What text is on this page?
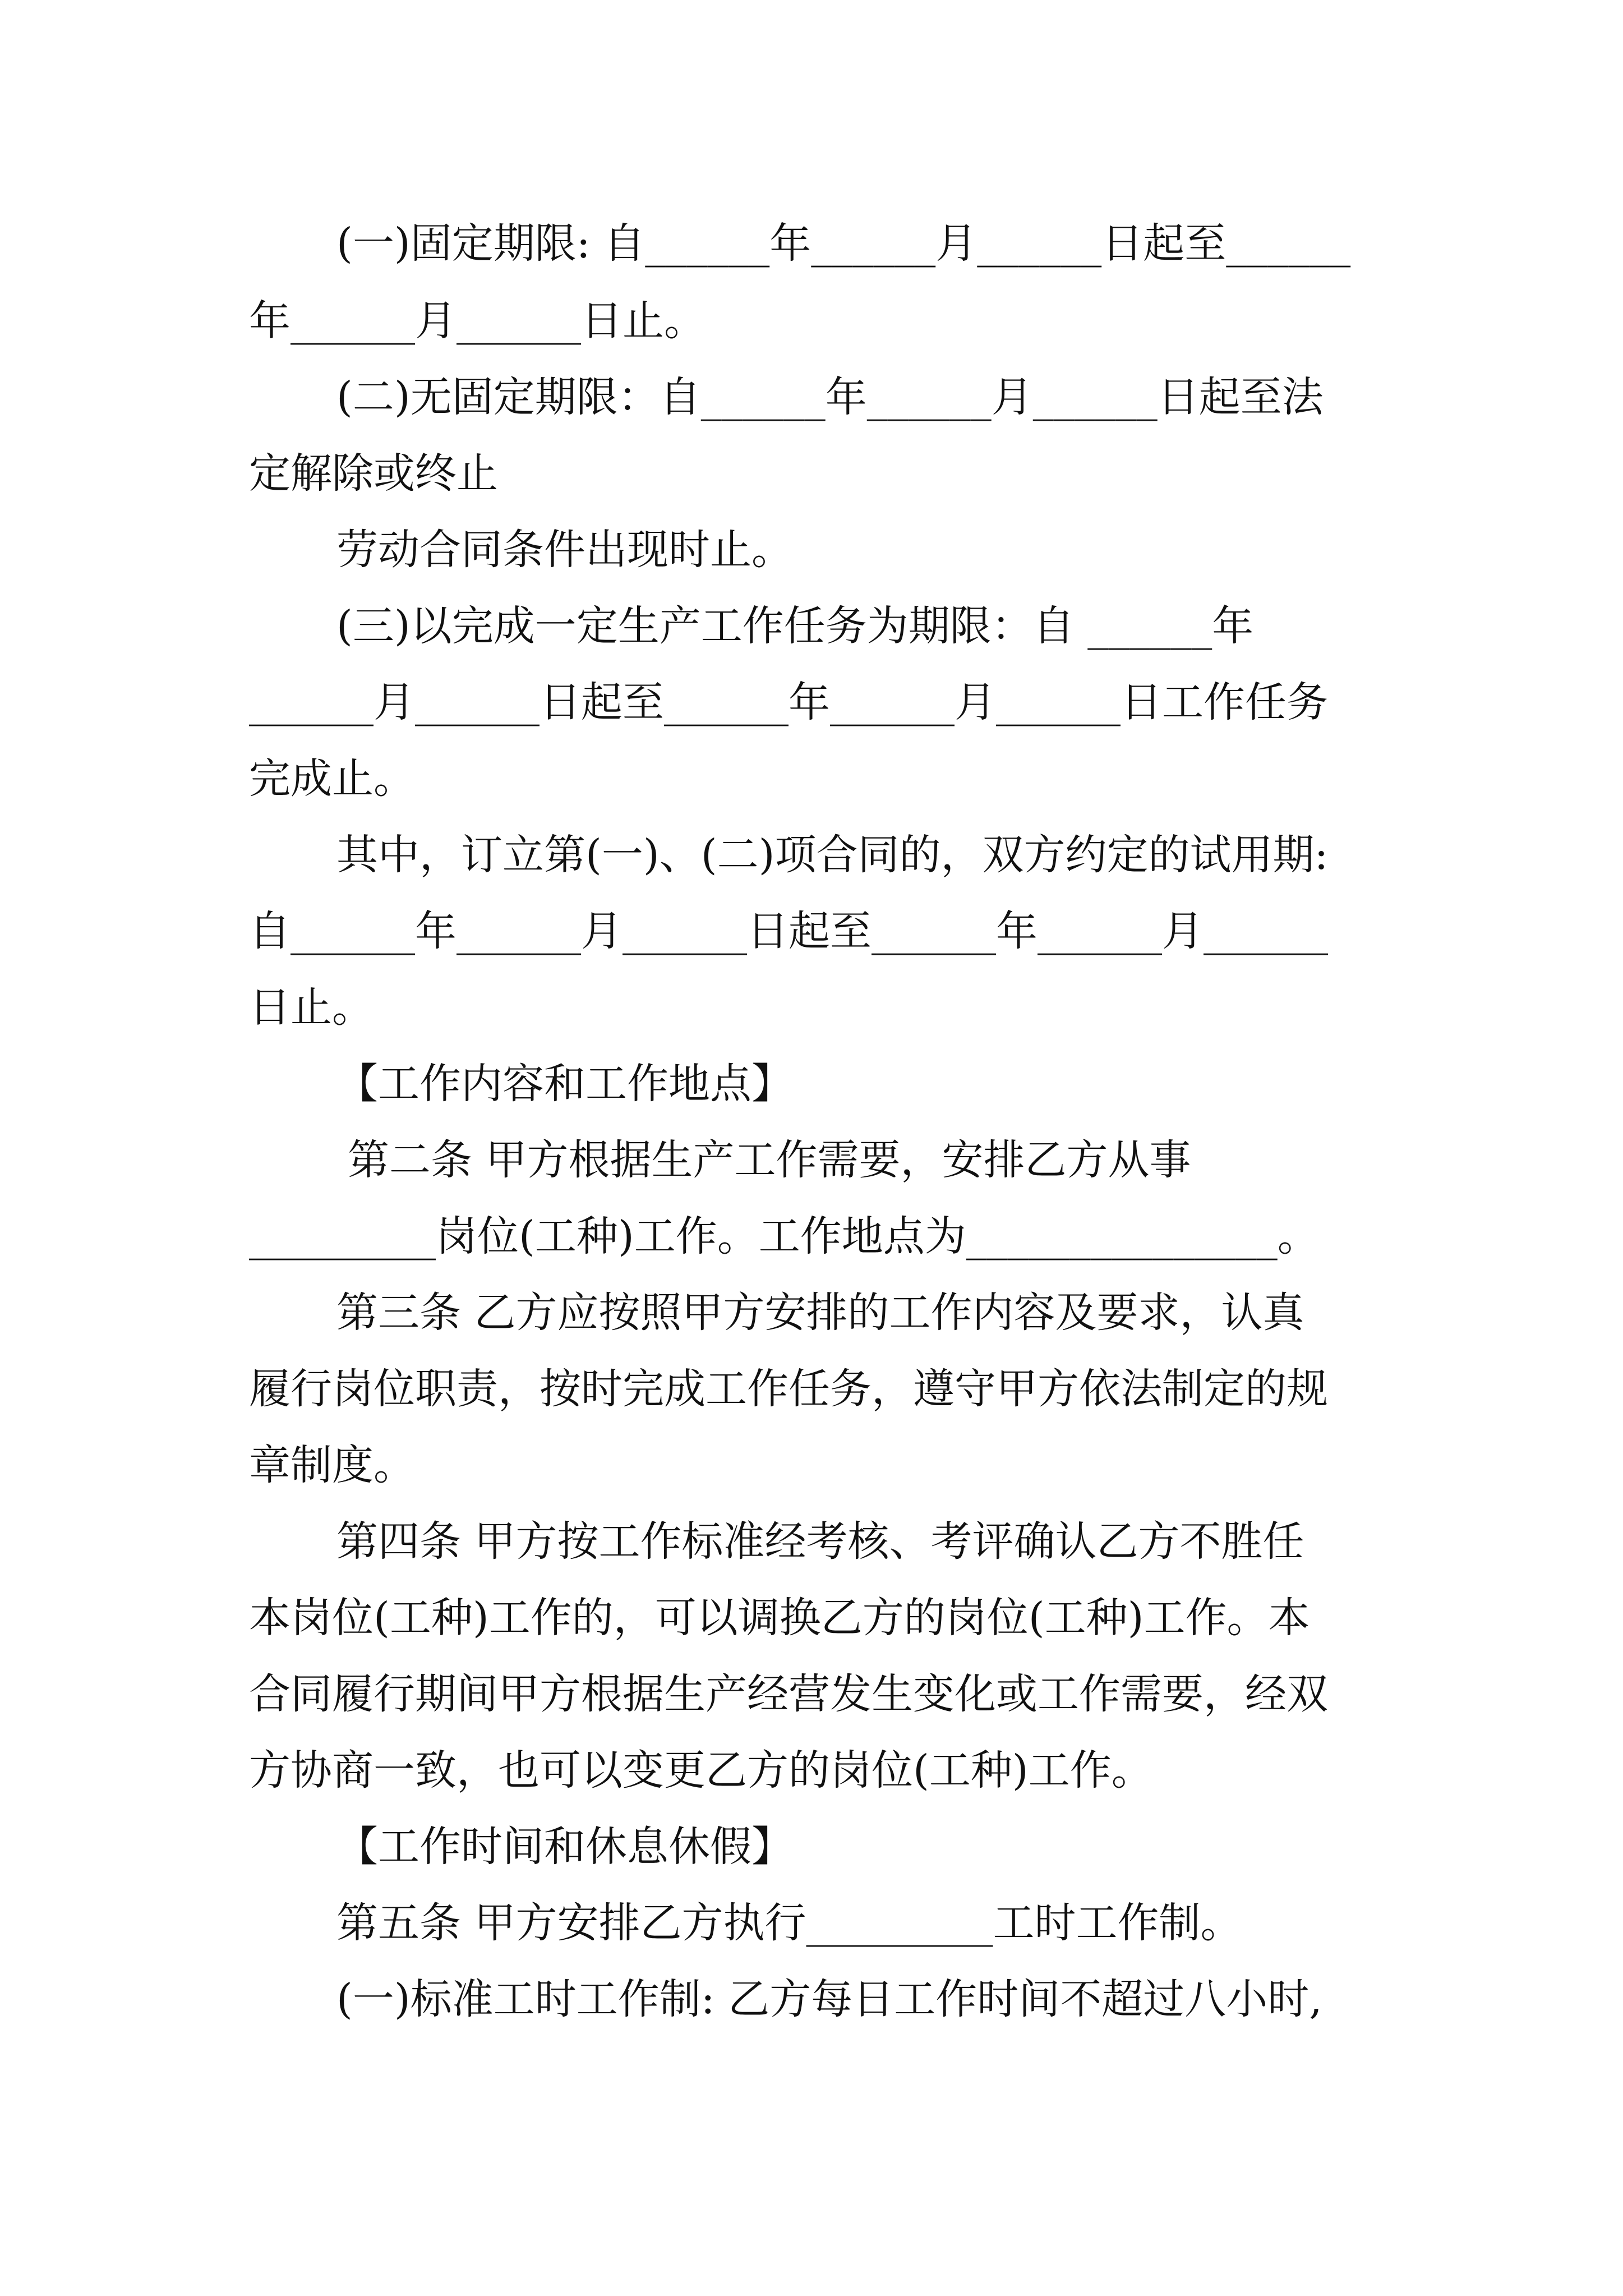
(一)固定期限: 自______年______月______日起至______
年______月______日止。
(二)无固定期限：自______年______月______日起至法
定解除或终止
劳动合同条件出现时止。
(三)以完成一定生产工作任务为期限：自 ______年
______月______日起至______年______月______日工作任务
完成止。
其中，订立第(一)、(二)项合同的，双方约定的试用期:
自______年______月______日起至______年______月______
日止。
【工作内容和工作地点】
第二条 甲方根据生产工作需要，安排乙方从事
_________岗位(工种)工作。工作地点为_______________。
第三条 乙方应按照甲方安排的工作内容及要求，认真
履行岗位职责，按时完成工作任务，遵守甲方依法制定的规
章制度。
第四条 甲方按工作标准经考核、考评确认乙方不胜任
本岗位(工种)工作的，可以调换乙方的岗位(工种)工作。本
合同履行期间甲方根据生产经营发生变化或工作需要，经双
方协商一致，也可以变更乙方的岗位(工种)工作。
【工作时间和休息休假】
第五条 甲方安排乙方执行_________工时工作制。
(一)标准工时工作制: 乙方每日工作时间不超过八小时,
